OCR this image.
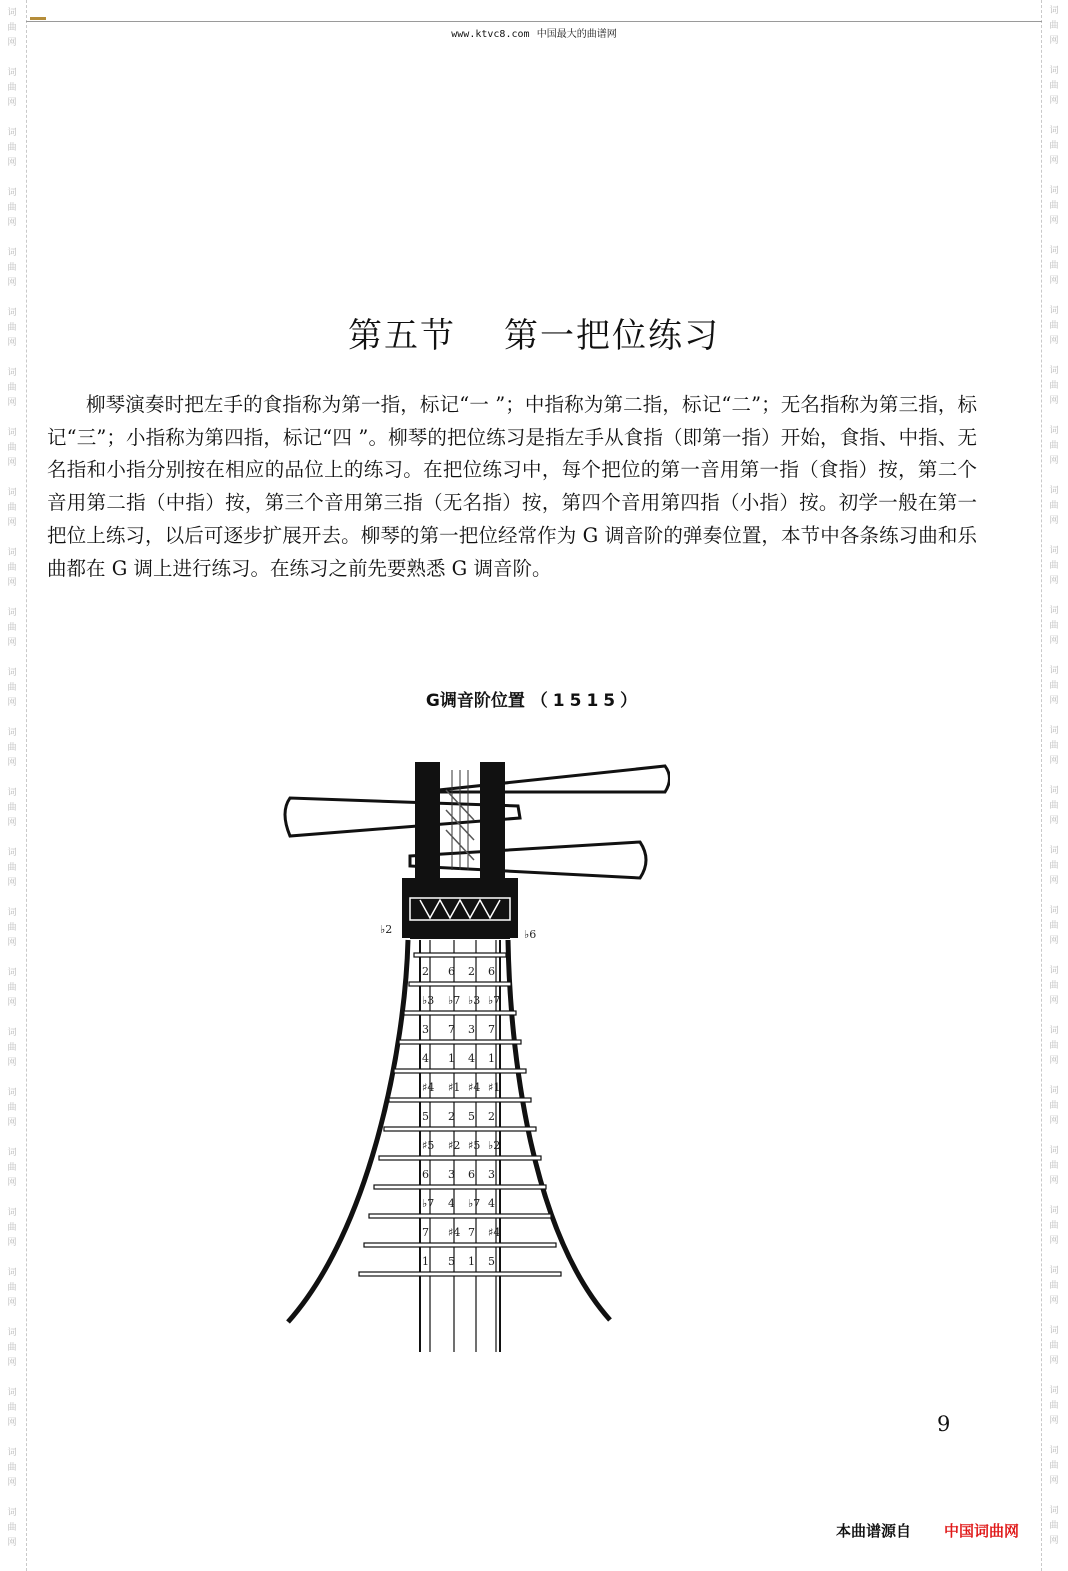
词
曲
网
词
曲
网
词
曲
网
词
曲
网
词
曲
网
词
曲
网
词
曲
网
词
曲
网
词
曲
网
词
曲
网
词
曲
网
词
曲
网
词
曲
网
词
曲
网
词
曲
网
词
曲
网
词
曲
网
词
曲
网
词
曲
网
词
曲
网
词
曲
网
词
曲
网
词
曲
网
词
曲
网
词
曲
网
词
曲
网
词
曲
网
词
曲
网
词
曲
网
词
曲
网
词
曲
网
词
曲
网
词
曲
网
词
曲
网
词
曲
网
词
曲
网
词
曲
网
词
曲
网
词
曲
网
词
曲
网
词
曲
网
词
曲
网
词
曲
网
词
曲
网
词
曲
网
词
曲
网
词
曲
网
词
曲
网
词
曲
网
词
曲
网
词
曲
网
词
曲
网
www.ktvc8.com 中国最大的曲谱网
第五节 第一把位练习

柳琴演奏时把左手的食指称为第一指，标记“一 ”；中指称为第二指，标记“二”；无名指称为第三指，标记“三”；小指称为第四指，标记“四 ”。柳琴的把位练习是指左手从食指（即第一指）开始，食指、中指、无名指和小指分别按在相应的品位上的练习。在把位练习中，每个把位的第一音用第一指（食指）按，第二个音用第二指（中指）按，第三个音用第三指（无名指）按，第四个音用第四指（小指）按。初学一般在第一把位上练习，以后可逐步扩展开去。柳琴的第一把位经常作为 G 调音阶的弹奏位置，本节中各条练习曲和乐曲都在 G 调上进行练习。在练习之前先要熟悉 G 调音阶。

G调音阶位置 （1515）
♭2	♭6
2 6 2 6
♭3 ♭7 ♭3 ♭7
3 7 3 7
4 1 4 1
♯4 ♯1 ♯4 ♯1
5 2 5 2
♯5 ♯2 ♯5 ♭2
6 3 6 3
♭7 4 ♭7 4
7 ♯4 7 ♯4
1 5 1 5
9
本曲谱源自 中国词曲网
